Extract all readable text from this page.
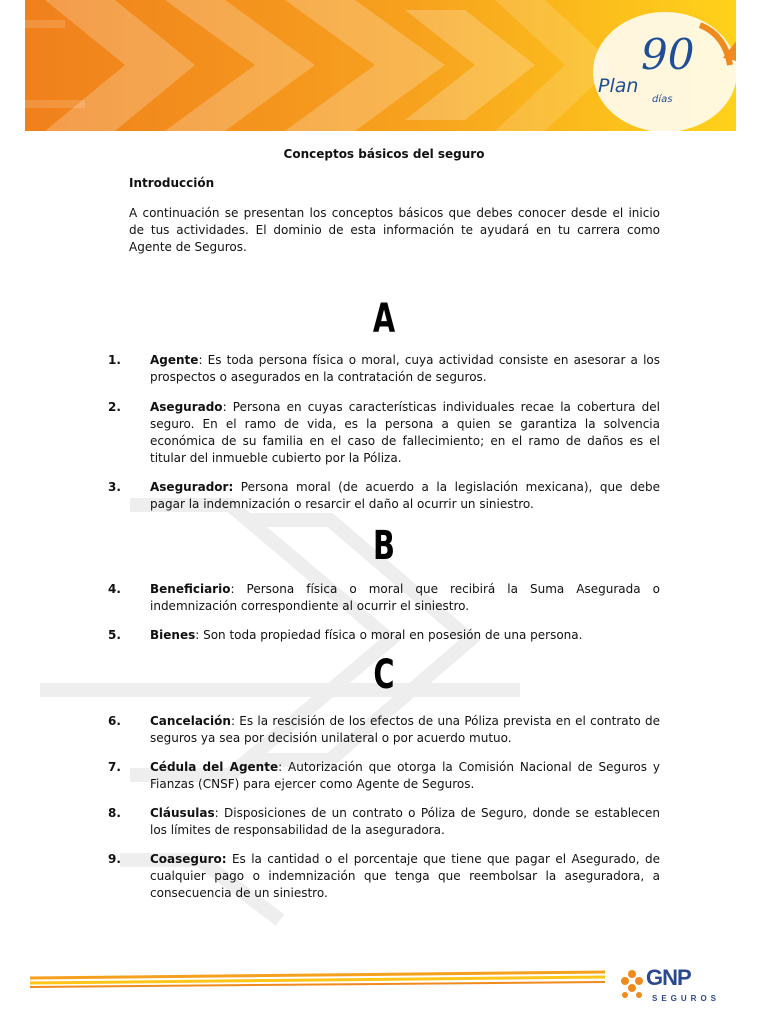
Plan
90
días
Conceptos básicos del seguro
Introducción
A continuación se presentan los conceptos básicos que debes conocer desde el inicio de tus actividades. El dominio de esta información te ayudará en tu carrera como Agente de Seguros.
A
1. Agente: Es toda persona física o moral, cuya actividad consiste en asesorar a los prospectos o asegurados en la contratación de seguros.
2. Asegurado: Persona en cuyas características individuales recae la cobertura del seguro. En el ramo de vida, es la persona a quien se garantiza la solvencia económica de su familia en el caso de fallecimiento; en el ramo de daños es el titular del inmueble cubierto por la Póliza.
3. Asegurador: Persona moral (de acuerdo a la legislación mexicana), que debe pagar la indemnización o resarcir el daño al ocurrir un siniestro.
B
4. Beneficiario: Persona física o moral que recibirá la Suma Asegurada o indemnización correspondiente al ocurrir el siniestro.
5. Bienes: Son toda propiedad física o moral en posesión de una persona.
C
6. Cancelación: Es la rescisión de los efectos de una Póliza prevista en el contrato de seguros ya sea por decisión unilateral o por acuerdo mutuo.
7. Cédula del Agente: Autorización que otorga la Comisión Nacional de Seguros y Fianzas (CNSF) para ejercer como Agente de Seguros.
8. Cláusulas: Disposiciones de un contrato o Póliza de Seguro, donde se establecen los límites de responsabilidad de la aseguradora.
9. Coaseguro: Es la cantidad o el porcentaje que tiene que pagar el Asegurado, de cualquier pago o indemnización que tenga que reembolsar la aseguradora, a consecuencia de un siniestro.
GNP
SEGUROS
